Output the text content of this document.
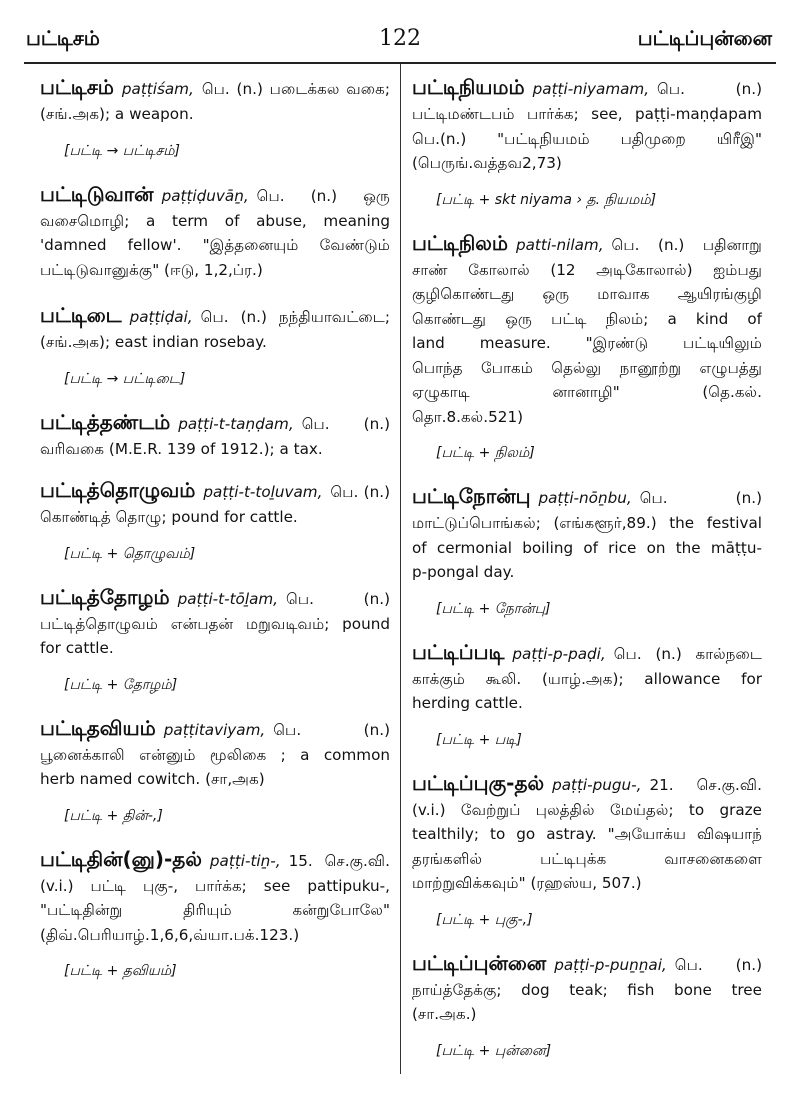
பட்டிசம்	122	பட்டிப்புன்னை
பட்டிசம் paṭṭiśam, பெ. (n.) படைக்கல வகை;
(சங்.அக); a weapon.
[பட்டி → பட்டிசம்]
பட்டிடுவான் paṭṭiḍuvāṉ, பெ. (n.) ஒரு
வசைமொழி; a term of abuse, meaning
'damned fellow'. "இத்தனையும் வேண்டும்
பட்டிடுவானுக்கு" (ஈடு, 1,2,ப்ர.)
பட்டிடை paṭṭiḍai, பெ. (n.) நந்தியாவட்டை;
(சங்.அக); east indian rosebay.
[பட்டி → பட்டிடை]
பட்டித்தண்டம் paṭṭi-t-taṇḍam, பெ. (n.)
வரிவகை (M.E.R. 139 of 1912.); a tax.
பட்டித்தொழுவம் paṭṭi-t-toḻuvam, பெ. (n.)
கொண்டித் தொழு; pound for cattle.
[பட்டி + தொழுவம்]
பட்டித்தோழம் paṭṭi-t-tōḻam, பெ. (n.)
பட்டித்தொழுவம் என்பதன் மறுவடிவம்; pound
for cattle.
[பட்டி + தோழம்]
பட்டிதவியம் paṭṭitaviyam, பெ. (n.)
பூனைக்காலி என்னும் மூலிகை ; a common
herb named cowitch. (சா,அக)
[பட்டி + தின்-,]
பட்டிதின்(னு)-தல் paṭṭi-tiṉ-, 15. செ.கு.வி.
(v.i.) பட்டி புகு-, பார்க்க; see pattipuku-,
"பட்டிதின்று திரியும் கன்றுபோலே"
(திவ்.பெரியாழ்.1,6,6,வ்யா.பக்.123.)
[பட்டி + தவியம்]
பட்டிநியமம் paṭṭi-niyamam, பெ. (n.)
பட்டிமண்டபம் பார்க்க; see, paṭṭi-maṇḍapam
பெ.(n.) "பட்டிநியமம் பதிமுறை யிரீஇ"
(பெருங்.வத்தவ2,73)
[பட்டி + skt niyama › த. நியமம்]
பட்டிநிலம் patti-nilam, பெ. (n.) பதினாறு
சாண் கோலால் (12 அடிகோலால்) ஐம்பது
குழிகொண்டது ஒரு மாவாக ஆயிரங்குழி
கொண்டது ஒரு பட்டி நிலம்; a kind of
land measure. "இரண்டு பட்டியிலும்
பொந்த போகம் தெல்லு நானூற்று எழுபத்து
ஏழுகாடி னானாழி" (தெ.கல்.
தொ.8.கல்.521)
[பட்டி + நிலம்]
பட்டிநோன்பு paṭṭi-nōṉbu, பெ. (n.)
மாட்டுப்பொங்கல்; (எங்களூர்,89.) the festival
of cermonial boiling of rice on the māṭṭu-
p-pongal day.
[பட்டி + நோன்பு]
பட்டிப்படி paṭṭi-p-paḍi, பெ. (n.) கால்நடை
காக்கும் கூலி. (யாழ்.அக); allowance for
herding cattle.
[பட்டி + படி]
பட்டிப்புகு-தல் paṭṭi-pugu-, 21. செ.கு.வி.
(v.i.) வேற்றுப் புலத்தில் மேய்தல்; to graze
tealthily; to go astray. "அயோக்ய விஷயாந்
தரங்களில் பட்டிபுக்க வாசனைகளை
மாற்றுவிக்கவும்" (ரஹஸ்ய, 507.)
[பட்டி + புகு-,]
பட்டிப்புன்னை paṭṭi-p-puṉṉai, பெ. (n.)
நாய்த்தேக்கு; dog teak; fish bone tree
(சா.அக.)
[பட்டி + புன்னை]
